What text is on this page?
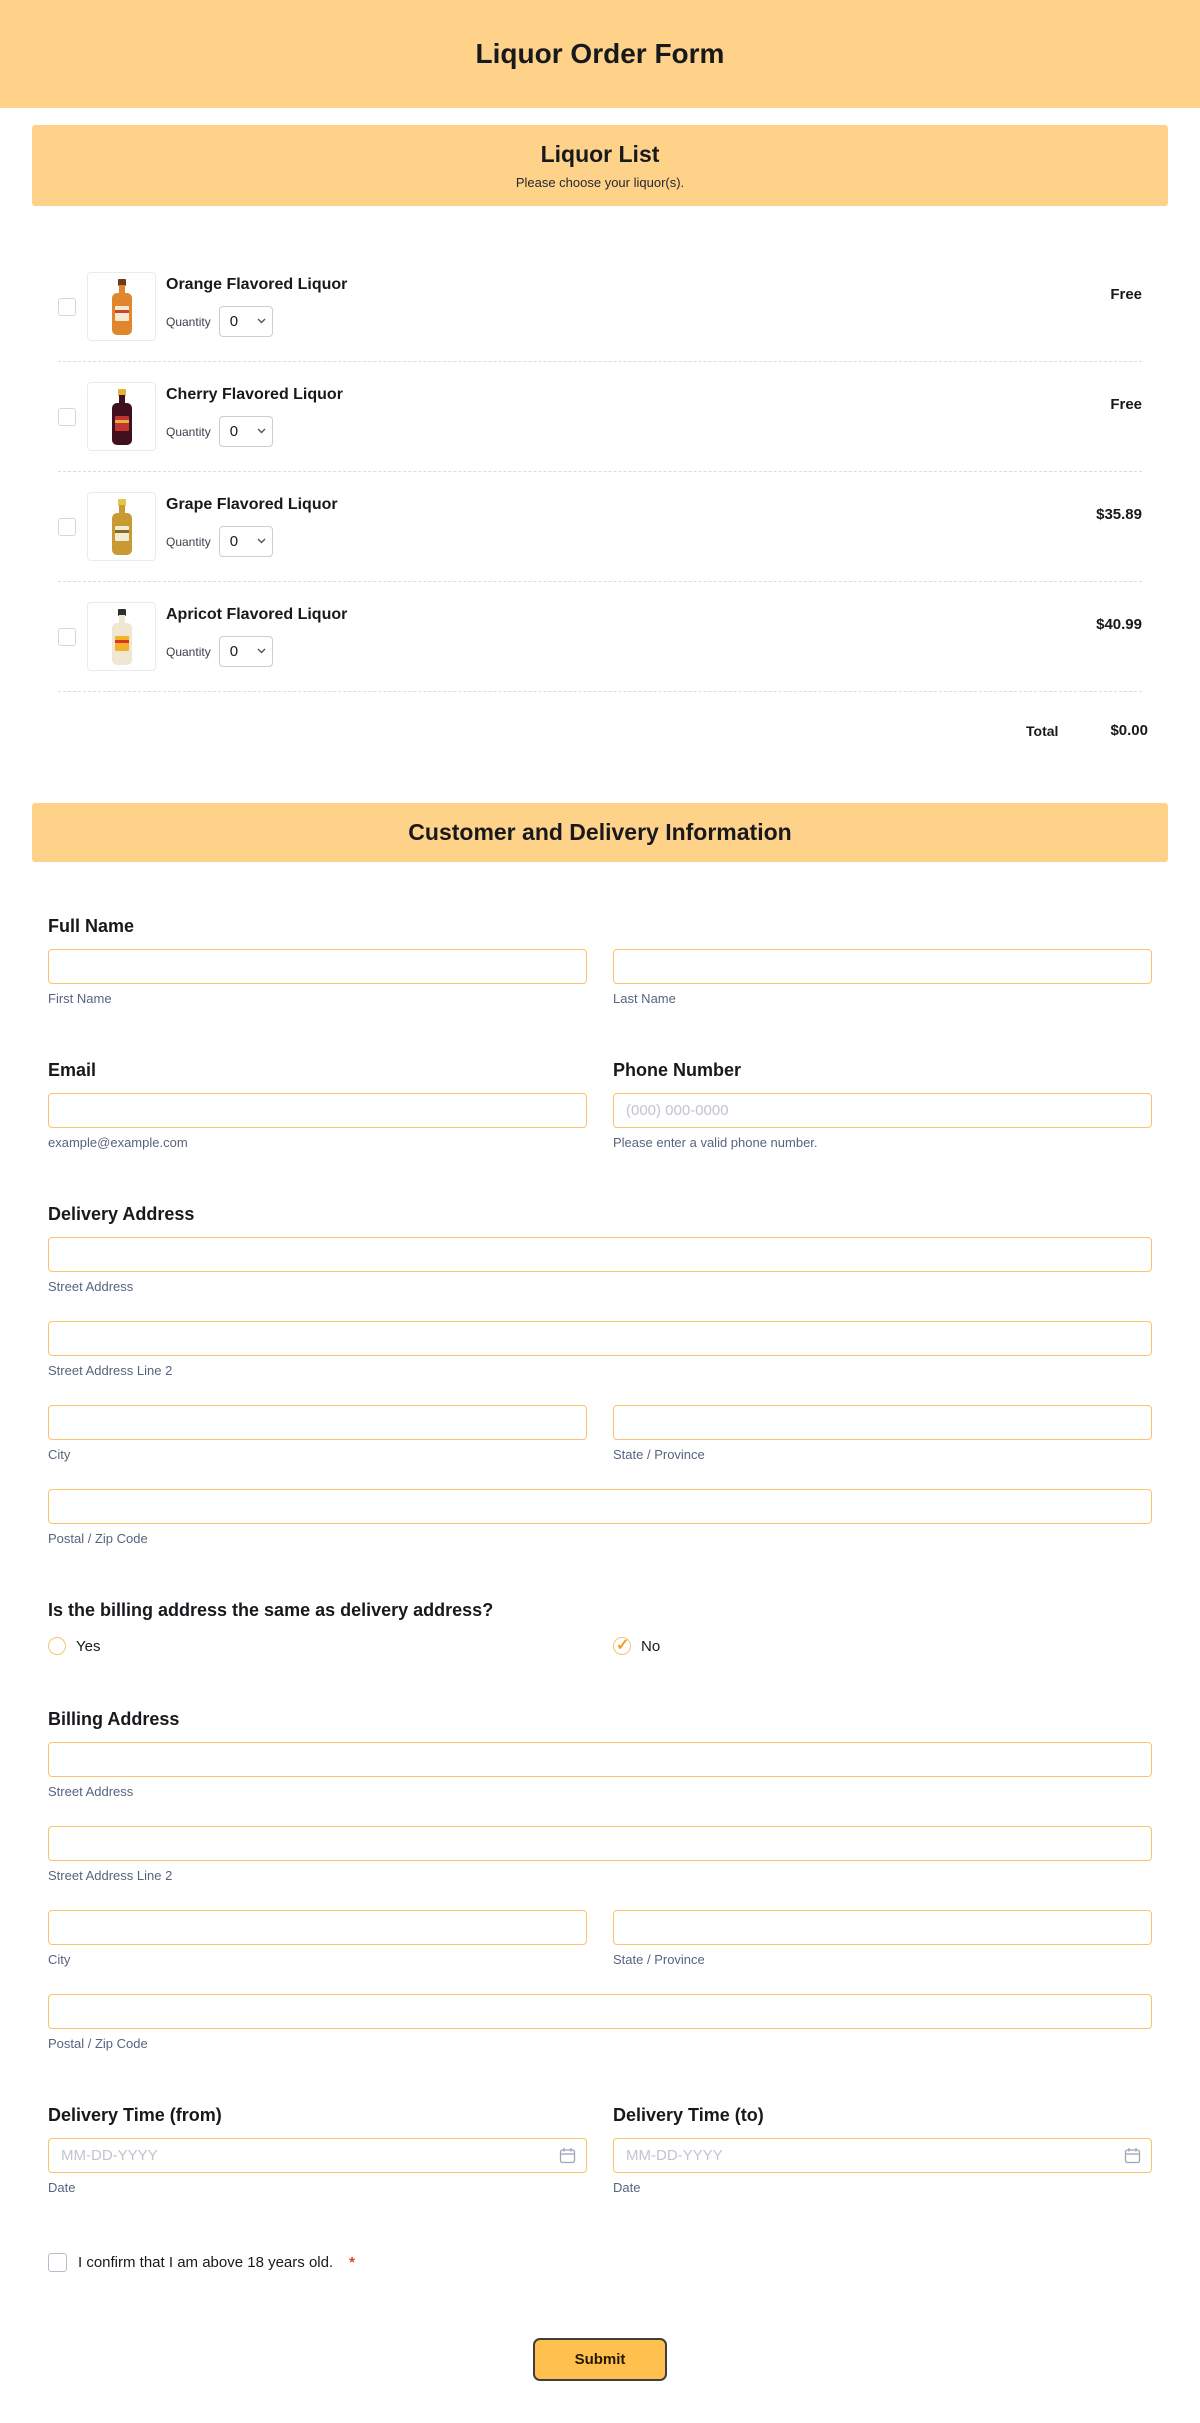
Liquor Order Form
Liquor List
Please choose your liquor(s).
Orange Flavored Liquor
Quantity
0
Free
Cherry Flavored Liquor
Quantity
0
Free
Grape Flavored Liquor
Quantity
0
$35.89
Apricot Flavored Liquor
Quantity
0
$40.99
Total	$0.00
Customer and Delivery Information
Full Name
First Name	Last Name
Email
example@example.com
Phone Number
(000) 000-0000
Please enter a valid phone number.
Delivery Address
Street Address
Street Address Line 2
City	State / Province
Postal / Zip Code
Is the billing address the same as delivery address?
Yes ✓	No
Billing Address
Street Address
Street Address Line 2
City	State / Province
Postal / Zip Code
Delivery Time (from)
MM-DD-YYYY
Date
Delivery Time (to)
MM-DD-YYYY
Date
I confirm that I am above 18 years old. *
Submit
